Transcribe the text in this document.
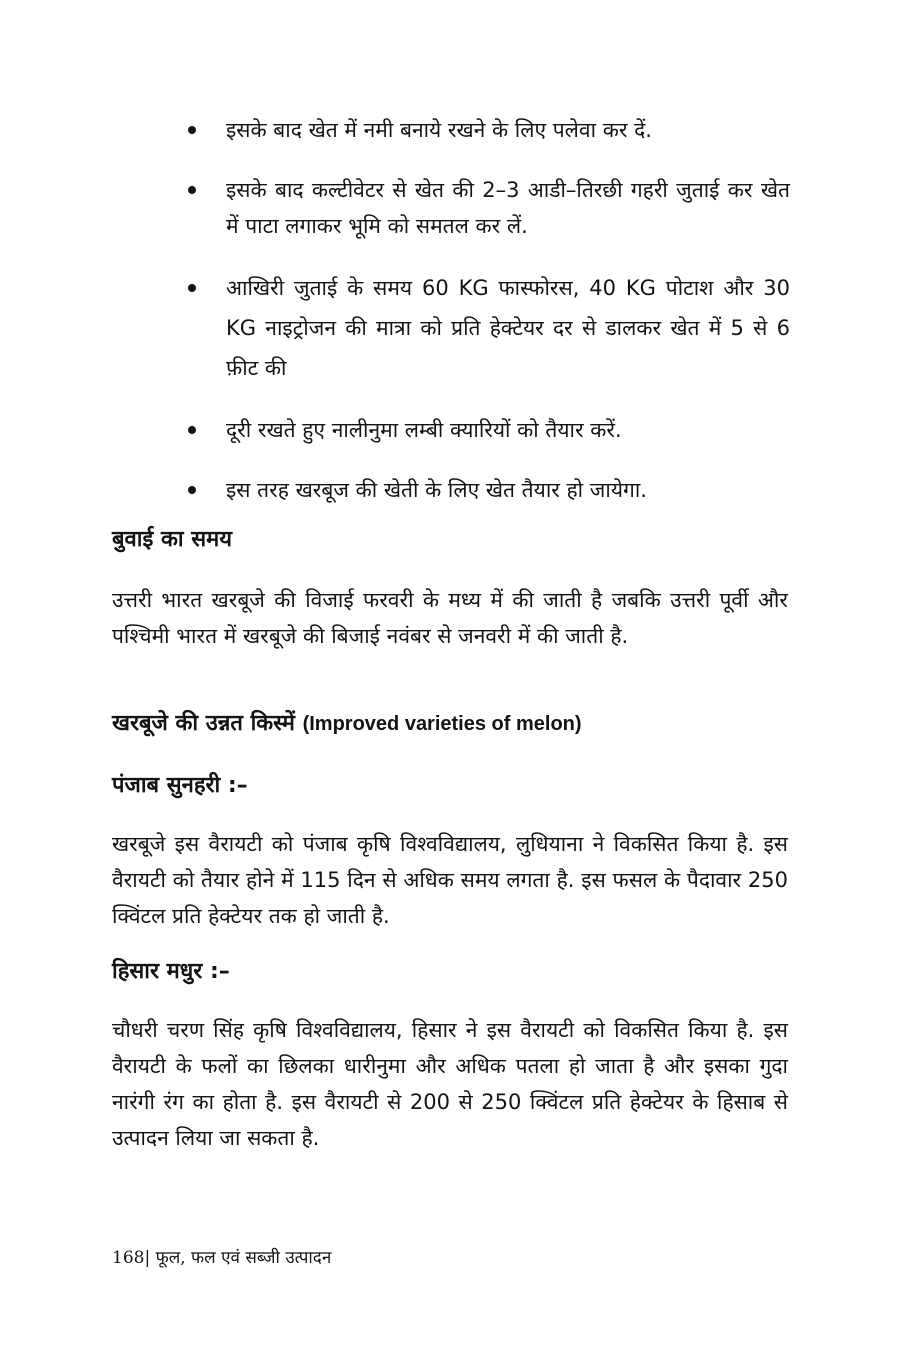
इसके बाद खेत में नमी बनाये रखने के लिए पलेवा कर दें.
इसके बाद कल्टीवेटर से खेत की 2–3 आडी–तिरछी गहरी जुताई कर खेत में पाटा लगाकर भूमि को समतल कर लें.
आखिरी जुताई के समय 60 KG फास्फोरस, 40 KG पोटाश और 30 KG नाइट्रोजन की मात्रा को प्रति हेक्टेयर दर से डालकर खेत में 5 से 6 फ़ीट की
दूरी रखते हुए नालीनुमा लम्बी क्यारियों को तैयार करें.
इस तरह खरबूज की खेती के लिए खेत तैयार हो जायेगा.
बुवाई का समय

उत्तरी भारत खरबूजे की विजाई फरवरी के मध्य में की जाती है जबकि उत्तरी पूर्वी और पश्चिमी भारत में खरबूजे की बिजाई नवंबर से जनवरी में की जाती है.

खरबूजे की उन्नत किस्में (Improved varieties of melon)
पंजाब सुनहरी :–

खरबूजे इस वैरायटी को पंजाब कृषि विश्वविद्यालय, लुधियाना ने विकसित किया है. इस वैरायटी को तैयार होने में 115 दिन से अधिक समय लगता है. इस फसल के पैदावार 250 क्विंटल प्रति हेक्टेयर तक हो जाती है.

हिसार मधुर :–

चौधरी चरण सिंह कृषि विश्वविद्यालय, हिसार ने इस वैरायटी को विकसित किया है. इस वैरायटी के फलों का छिलका धारीनुमा और अधिक पतला हो जाता है और इसका गुदा नारंगी रंग का होता है. इस वैरायटी से 200 से 250 क्विंटल प्रति हेक्टेयर के हिसाब से उत्पादन लिया जा सकता है.

168| फूल, फल एवं सब्जी उत्पादन
